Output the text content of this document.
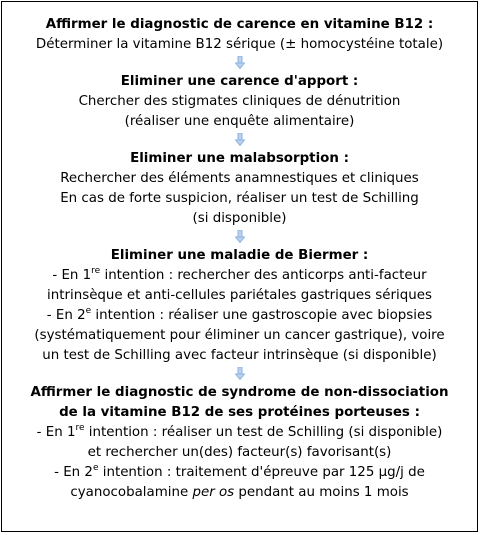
Affirmer le diagnostic de carence en vitamine B12 :
Déterminer la vitamine B12 sérique (± homocystéine totale)
Eliminer une carence d'apport :
Chercher des stigmates cliniques de dénutrition
(réaliser une enquête alimentaire)
Eliminer une malabsorption :
Rechercher des éléments anamnestiques et cliniques
En cas de forte suspicion, réaliser un test de Schilling
(si disponible)
Eliminer une maladie de Biermer :
- En 1re intention : rechercher des anticorps anti-facteur
intrinsèque et anti-cellules pariétales gastriques sériques
- En 2e intention : réaliser une gastroscopie avec biopsies
(systématiquement pour éliminer un cancer gastrique), voire
un test de Schilling avec facteur intrinsèque (si disponible)
Affirmer le diagnostic de syndrome de non-dissociation
de la vitamine B12 de ses protéines porteuses :
- En 1re intention : réaliser un test de Schilling (si disponible)
et rechercher un(des) facteur(s) favorisant(s)
- En 2e intention : traitement d'épreuve par 125 µg/j de
cyanocobalamine per os pendant au moins 1 mois
